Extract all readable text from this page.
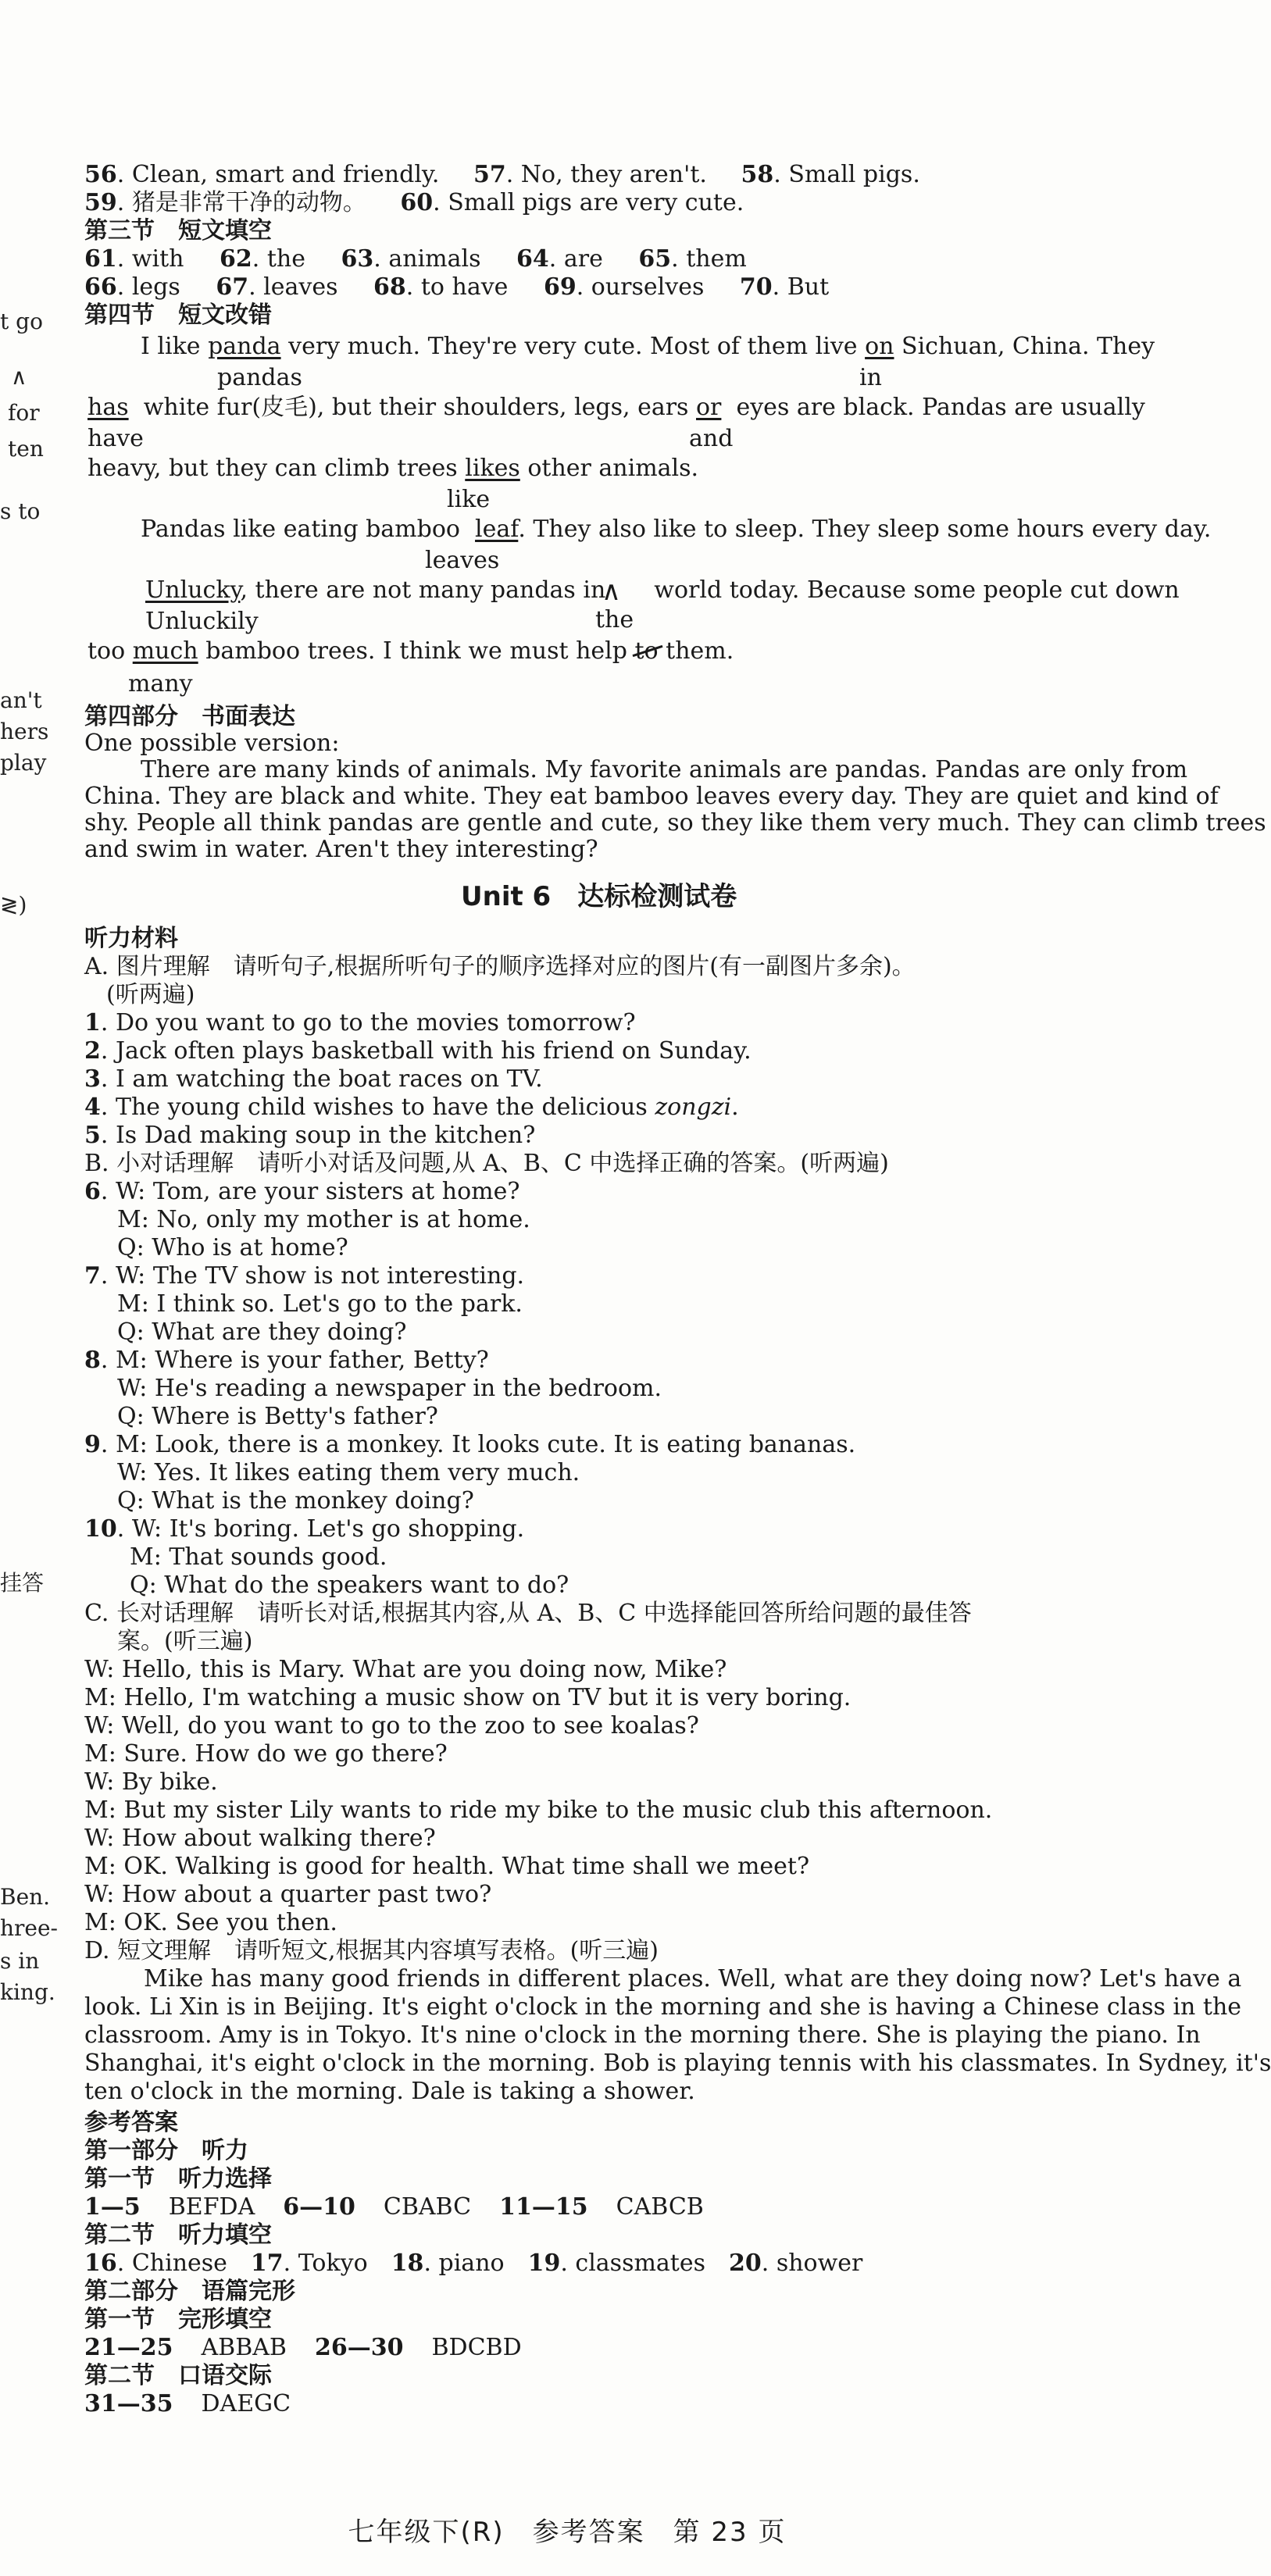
t go
∧
for
ten
s to
an't
hers
play
≷)
挂答
Ben.
hree-
s in
king.
56. Clean, smart and friendly. 57. No, they aren't. 58. Small pigs.
59. 猪是非常干净的动物。 60. Small pigs are very cute.
第三节　短文填空
61. with 62. the 63. animals 64. are 65. them
66. legs 67. leaves 68. to have 69. ourselves 70. But
第四节　短文改错
I like panda very much. They're very cute. Most of them live on Sichuan, China. They
pandas	in
has white fur(皮毛), but their shoulders, legs, ears or eyes are black. Pandas are usually
have	and
heavy, but they can climb trees likes other animals.
like
Pandas like eating bamboo leaf. They also like to sleep. They sleep some hours every day.
leaves
Unlucky, there are not many pandas in world today. Because some people cut down
∧
Unluckily	the
too much bamboo trees. I think we must help to them.
many
第四部分　书面表达
One possible version:
There are many kinds of animals. My favorite animals are pandas. Pandas are only from
China. They are black and white. They eat bamboo leaves every day. They are quiet and kind of
shy. People all think pandas are gentle and cute, so they like them very much. They can climb trees
and swim in water. Aren't they interesting?
Unit 6　达标检测试卷
听力材料
A. 图片理解　请听句子,根据所听句子的顺序选择对应的图片(有一副图片多余)。
(听两遍)
1. Do you want to go to the movies tomorrow?
2. Jack often plays basketball with his friend on Sunday.
3. I am watching the boat races on TV.
4. The young child wishes to have the delicious zongzi.
5. Is Dad making soup in the kitchen?
B. 小对话理解　请听小对话及问题,从 A、B、C 中选择正确的答案。(听两遍)
6. W: Tom, are your sisters at home?
M: No, only my mother is at home.
Q: Who is at home?
7. W: The TV show is not interesting.
M: I think so. Let's go to the park.
Q: What are they doing?
8. M: Where is your father, Betty?
W: He's reading a newspaper in the bedroom.
Q: Where is Betty's father?
9. M: Look, there is a monkey. It looks cute. It is eating bananas.
W: Yes. It likes eating them very much.
Q: What is the monkey doing?
10. W: It's boring. Let's go shopping.
M: That sounds good.
Q: What do the speakers want to do?
C. 长对话理解　请听长对话,根据其内容,从 A、B、C 中选择能回答所给问题的最佳答
案。(听三遍)
W: Hello, this is Mary. What are you doing now, Mike?
M: Hello, I'm watching a music show on TV but it is very boring.
W: Well, do you want to go to the zoo to see koalas?
M: Sure. How do we go there?
W: By bike.
M: But my sister Lily wants to ride my bike to the music club this afternoon.
W: How about walking there?
M: OK. Walking is good for health. What time shall we meet?
W: How about a quarter past two?
M: OK. See you then.
D. 短文理解　请听短文,根据其内容填写表格。(听三遍)
Mike has many good friends in different places. Well, what are they doing now? Let's have a
look. Li Xin is in Beijing. It's eight o'clock in the morning and she is having a Chinese class in the
classroom. Amy is in Tokyo. It's nine o'clock in the morning there. She is playing the piano. In
Shanghai, it's eight o'clock in the morning. Bob is playing tennis with his classmates. In Sydney, it's
ten o'clock in the morning. Dale is taking a shower.
参考答案
第一部分　听力
第一节　听力选择
1—5 BEFDA 6—10 CBABC 11—15 CABCB
第二节　听力填空
16. Chinese 17. Tokyo 18. piano 19. classmates 20. shower
第二部分　语篇完形
第一节　完形填空
21—25 ABBAB 26—30 BDCBD
第二节　口语交际
31—35 DAEGC
七年级下(R)　参考答案　第 23 页
